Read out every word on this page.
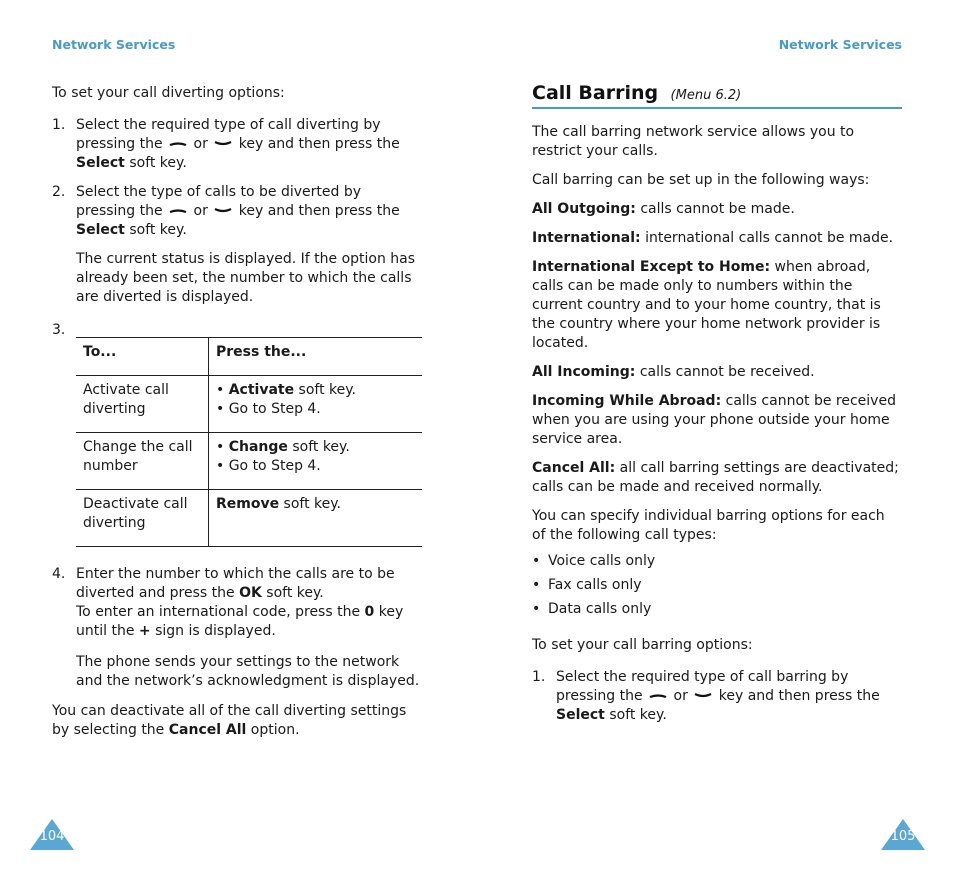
Network Services

To set your call diverting options:

1. Select the required type of call diverting by pressing the or key and then press the Select soft key.
2. Select the type of calls to be diverted by pressing the or key and then press the Select soft key.

The current status is displayed. If the option has already been set, the number to which the calls are diverted is displayed.

3.
To...	Press the...
Activate call diverting	• Activate soft key.
• Go to Step 4.
Change the call number	• Change soft key.
• Go to Step 4.
Deactivate call diverting	Remove soft key.
4. Enter the number to which the calls are to be diverted and press the OK soft key.
To enter an international code, press the 0 key until the + sign is displayed.

The phone sends your settings to the network and the network’s acknowledgment is displayed.

You can deactivate all of the call diverting settings by selecting the Cancel All option.

Network Services
Call Barring (Menu 6.2)

The call barring network service allows you to restrict your calls.

Call barring can be set up in the following ways:

All Outgoing: calls cannot be made.

International: international calls cannot be made.

International Except to Home: when abroad, calls can be made only to numbers within the current country and to your home country, that is the country where your home network provider is located.

All Incoming: calls cannot be received.

Incoming While Abroad: calls cannot be received when you are using your phone outside your home service area.

Cancel All: all call barring settings are deactivated; calls can be made and received normally.

You can specify individual barring options for each of the following call types:

• Voice calls only
• Fax calls only
• Data calls only

To set your call barring options:

1. Select the required type of call barring by pressing the or key and then press the Select soft key.
104	105
